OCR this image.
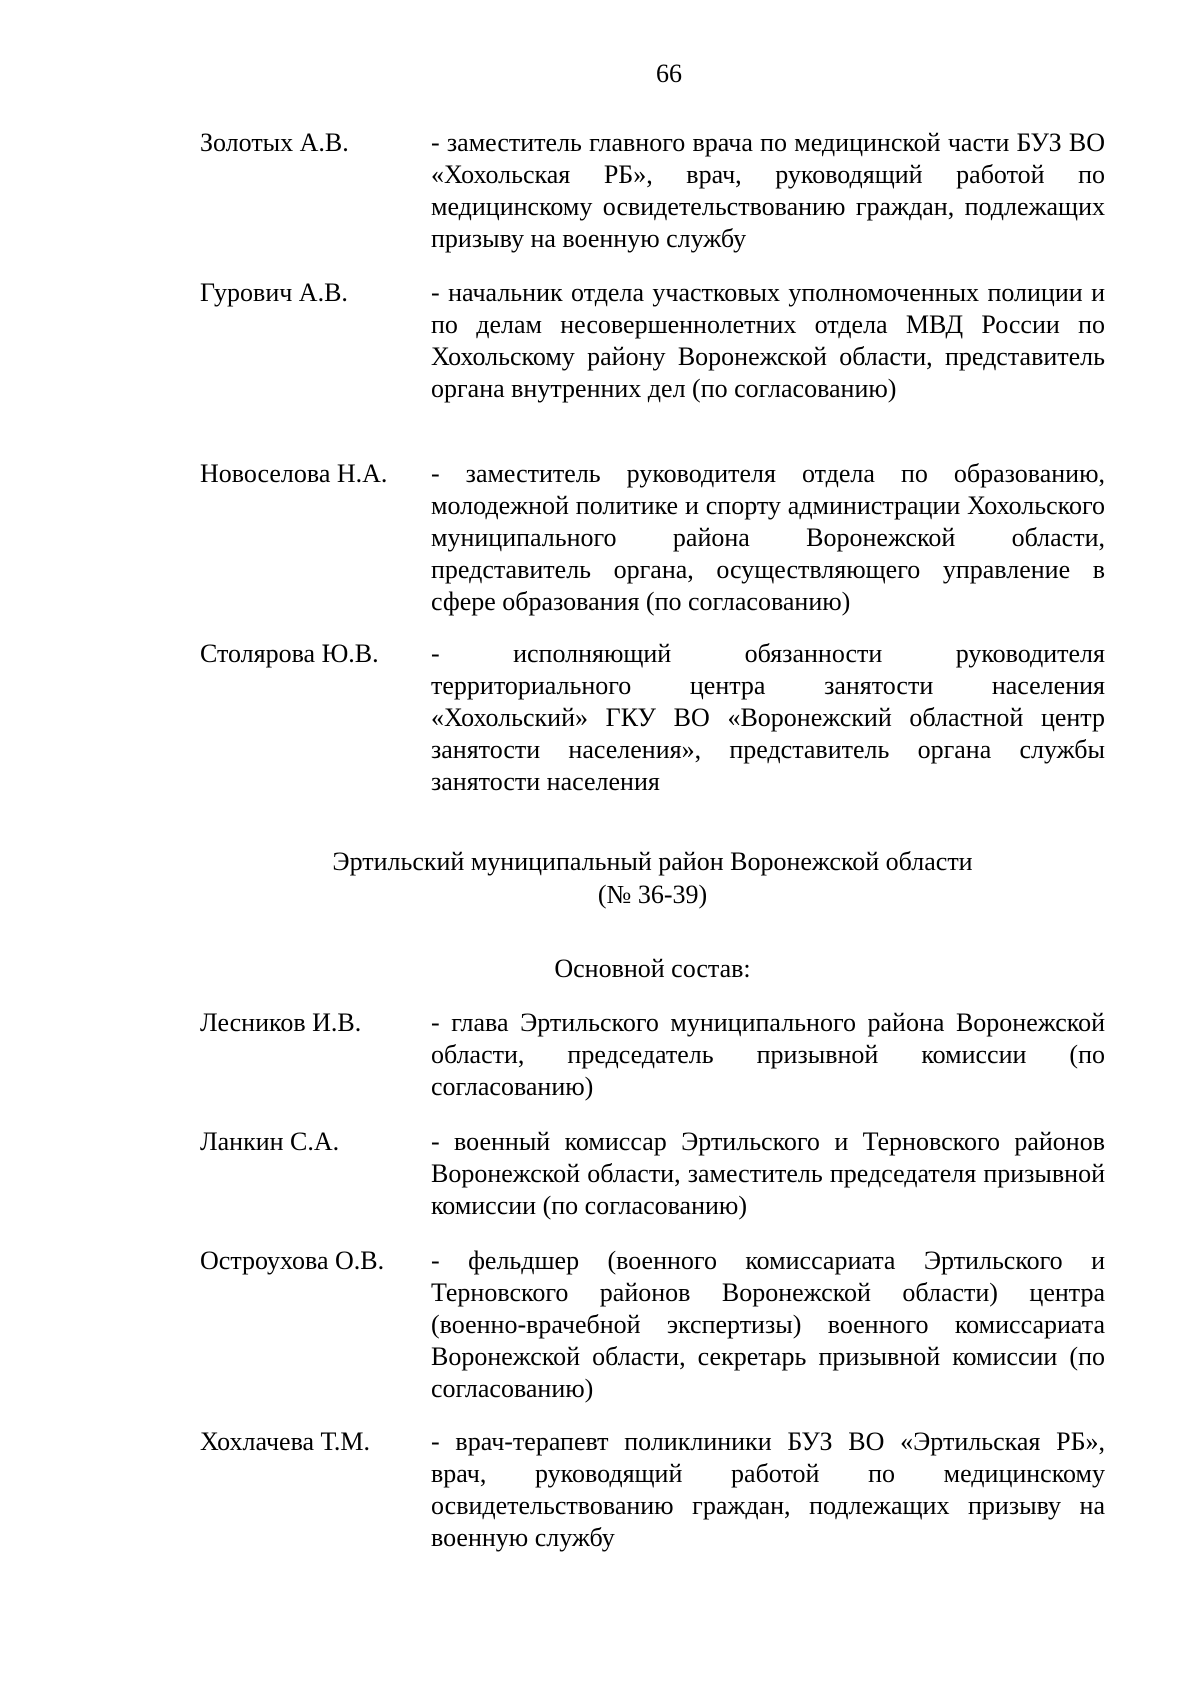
66
Золотых А.В.	- заместитель главного врача по медицинской части БУЗ ВО «Хохольская РБ», врач, руководящий работой по медицинскому освидетельствованию граждан, подлежащих призыву на военную службу
Гурович А.В.	- начальник отдела участковых уполномоченных полиции и по делам несовершеннолетних отдела МВД России по Хохольскому району Воронежской области, представитель органа внутренних дел (по согласованию)
Новоселова Н.А. - заместитель руководителя отдела по образованию, молодежной политике и спорту администрации Хохольского муниципального района Воронежской области, представитель органа, осуществляющего управление в сфере образования (по согласованию)
Столярова Ю.В. - исполняющий обязанности руководителя территориального центра занятости населения «Хохольский» ГКУ ВО «Воронежский областной центр занятости населения», представитель органа службы занятости населения
Эртильский муниципальный район Воронежской области
(№ 36-39)
Основной состав:
Лесников И.В.	- глава Эртильского муниципального района Воронежской области, председатель призывной комиссии (по согласованию)
Ланкин С.А.	- военный комиссар Эртильского и Терновского районов Воронежской области, заместитель председателя призывной комиссии (по согласованию)
Остроухова О.В. - фельдшер (военного комиссариата Эртильского и Терновского районов Воронежской области) центра (военно-врачебной экспертизы) военного комиссариата Воронежской области, секретарь призывной комиссии (по согласованию)
Хохлачева Т.М. - врач-терапевт поликлиники БУЗ ВО «Эртильская РБ», врач, руководящий работой по медицинскому освидетельствованию граждан, подлежащих призыву на военную службу
